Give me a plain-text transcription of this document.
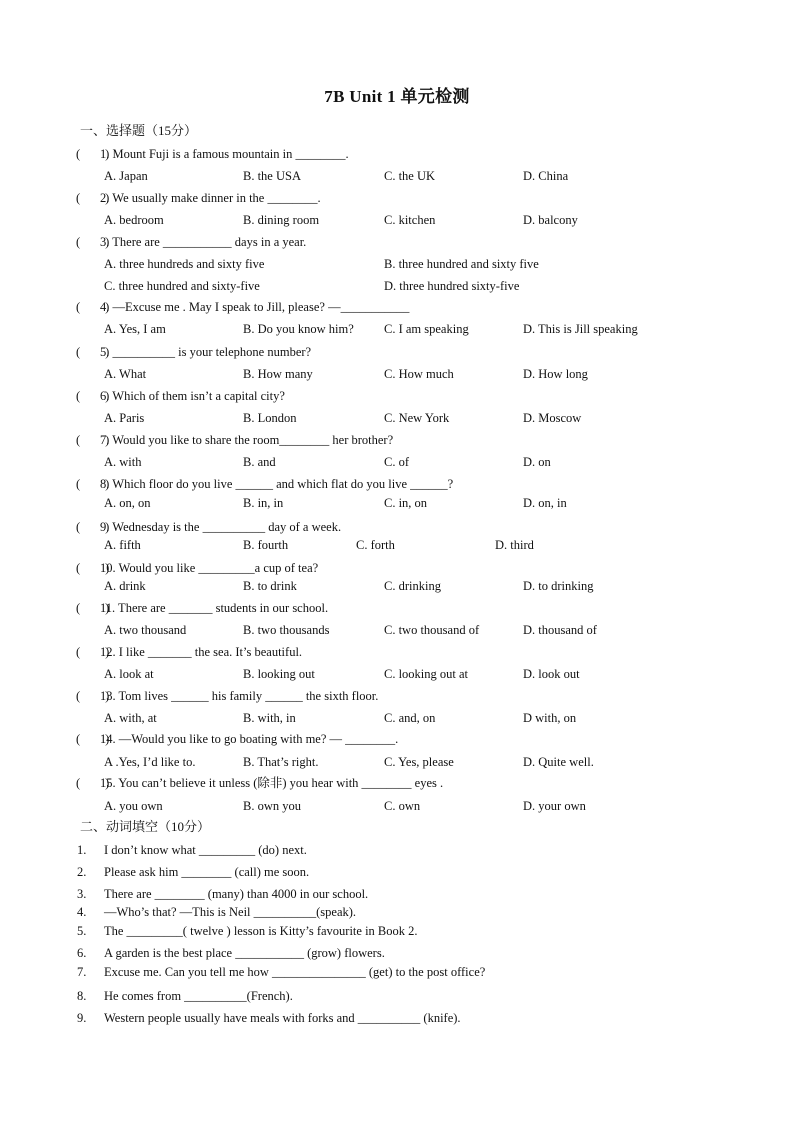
7B Unit 1 单元检测
一、选择题（15分）
(　　)
1. Mount Fuji is a famous mountain in ________.
A. Japan	B. the USA	C. the UK	D. China
(　　)
2. We usually make dinner in the ________.
A. bedroom	B. dining room	C. kitchen	D. balcony
(　　)
3. There are ___________ days in a year.
A. three hundreds and sixty five	B. three hundred and sixty five
C. three hundred and sixty-five	D. three hundred sixty-five
(　　)
4. —Excuse me . May I speak to Jill, please? —___________
A. Yes, I am	B. Do you know him? C. I am speaking	D. This is Jill speaking
(　　)
5. __________ is your telephone number?
A. What	B. How many	C. How much	D. How long
(　　)
6. Which of them isn’t a capital city?
A. Paris	B. London	C. New York	D. Moscow
(　　)
7. Would you like to share the room________ her brother?
A. with	B. and	C. of	D. on
(　　)
8. Which floor do you live ______ and which flat do you live ______?
A. on, on	B. in, in	C. in, on	D. on, in
(　　)
9. Wednesday is the __________ day of a week.
A. fifth	B. fourth	C. forth	D. third
(　　)
10. Would you like _________a cup of tea?
A. drink	B. to drink	C. drinking	D. to drinking
(　　)
11. There are _______ students in our school.
A. two thousand	B. two thousands	C. two thousand of	D. thousand of
(　　)
12. I like _______ the sea. It’s beautiful.
A. look at	B. looking out	C. looking out at	D. look out
(　　)
13. Tom lives ______ his family ______ the sixth floor.
A. with, at	B. with, in	C. and, on	D with, on
(　　)
14. —Would you like to go boating with me? — ________.
A .Yes, I’d like to.	B. That’s right.	C. Yes, please	D. Quite well.
(　　)
15. You can’t believe it unless (除非) you hear with ________ eyes .
A. you own	B. own you	C. own	D. your own
二、动词填空（10分）
1. I don’t know what _________ (do) next.
2. Please ask him ________ (call) me soon.
3. There are ________ (many) than 4000 in our school.
4. —Who’s that? —This is Neil __________(speak).
5. The _________( twelve ) lesson is Kitty’s favourite in Book 2.
6. A garden is the best place ___________ (grow) flowers.
7. Excuse me. Can you tell me how _______________ (get) to the post office?
8. He comes from __________(French).
9. Western people usually have meals with forks and __________ (knife).
